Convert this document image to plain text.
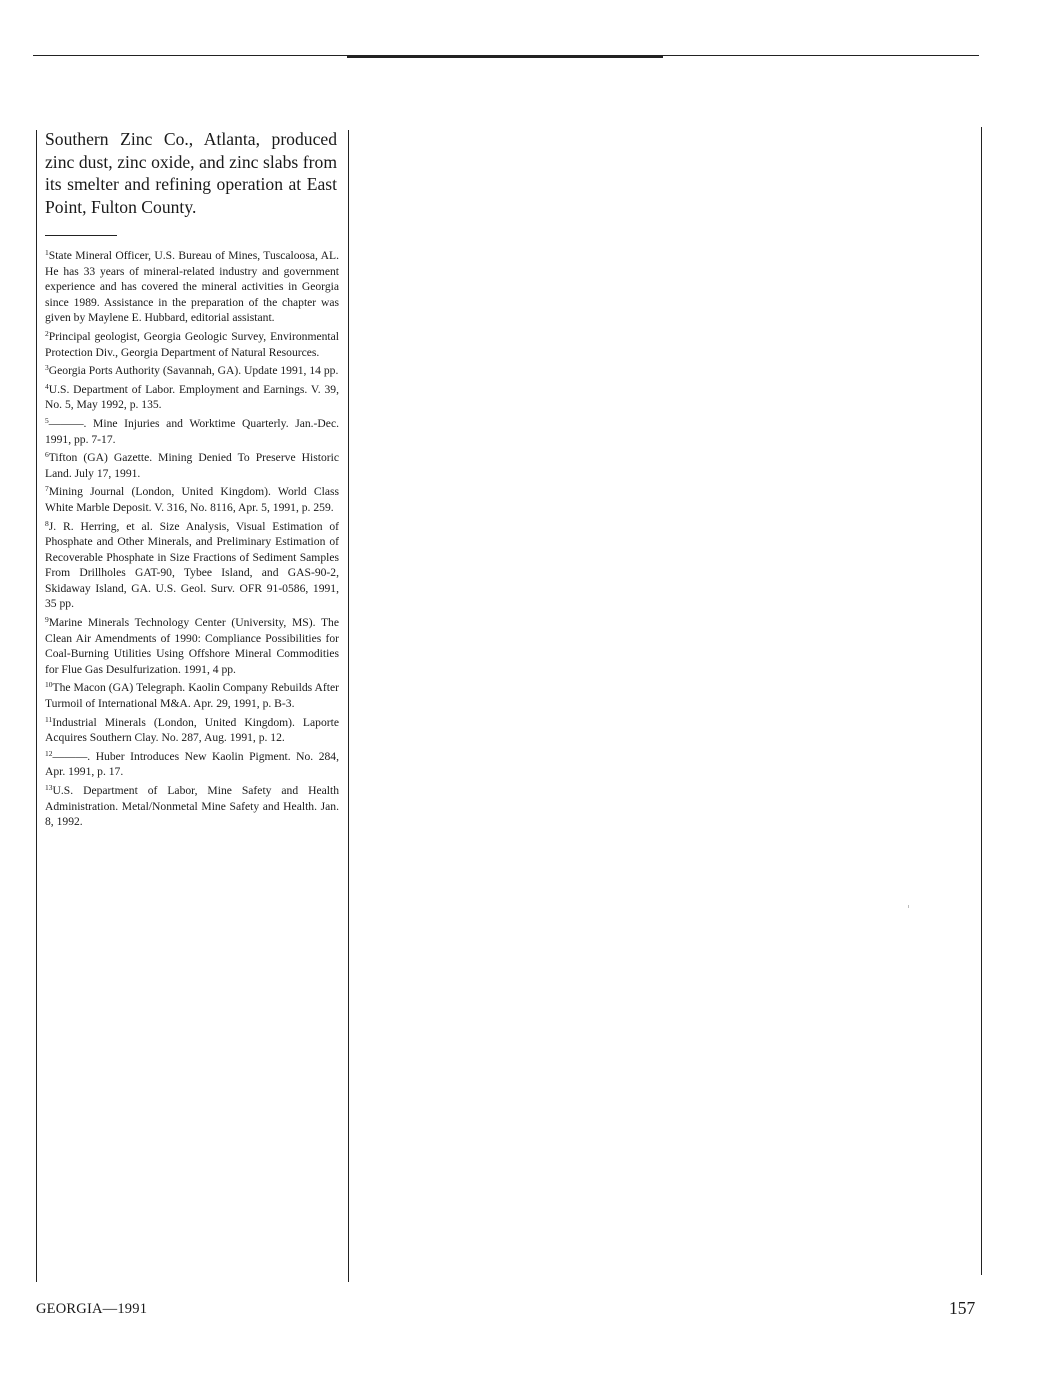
Southern Zinc Co., Atlanta, produced zinc dust, zinc oxide, and zinc slabs from its smelter and refining operation at East Point, Fulton County.

$^1$State Mineral Officer, U.S. Bureau of Mines, Tuscaloosa, AL. He has 33 years of mineral-related industry and government experience and has covered the mineral activities in Georgia since 1989. Assistance in the preparation of the chapter was given by Maylene E. Hubbard, editorial assistant.

$^2$Principal geologist, Georgia Geologic Survey, Environmental Protection Div., Georgia Department of Natural Resources.

$^3$Georgia Ports Authority (Savannah, GA). Update 1991, 14 pp.

$^4$U.S. Department of Labor. Employment and Earnings. V. 39, No. 5, May 1992, p. 135.

$^5$———. Mine Injuries and Worktime Quarterly. Jan.-Dec. 1991, pp. 7-17.

$^6$Tifton (GA) Gazette. Mining Denied To Preserve Historic Land. July 17, 1991.

$^7$Mining Journal (London, United Kingdom). World Class White Marble Deposit. V. 316, No. 8116, Apr. 5, 1991, p. 259.

$^8$J. R. Herring, et al. Size Analysis, Visual Estimation of Phosphate and Other Minerals, and Preliminary Estimation of Recoverable Phosphate in Size Fractions of Sediment Samples From Drillholes GAT-90, Tybee Island, and GAS-90-2, Skidaway Island, GA. U.S. Geol. Surv. OFR 91-0586, 1991, 35 pp.

$^9$Marine Minerals Technology Center (University, MS). The Clean Air Amendments of 1990: Compliance Possibilities for Coal-Burning Utilities Using Offshore Mineral Commodities for Flue Gas Desulfurization. 1991, 4 pp.

$^{10}$The Macon (GA) Telegraph. Kaolin Company Rebuilds After Turmoil of International M&A. Apr. 29, 1991, p. B-3.

$^{11}$Industrial Minerals (London, United Kingdom). Laporte Acquires Southern Clay. No. 287, Aug. 1991, p. 12.

$^{12}$———. Huber Introduces New Kaolin Pigment. No. 284, Apr. 1991, p. 17.

$^{13}$U.S. Department of Labor, Mine Safety and Health Administration. Metal/Nonmetal Mine Safety and Health. Jan. 8, 1992.

GEORGIA—1991	157
